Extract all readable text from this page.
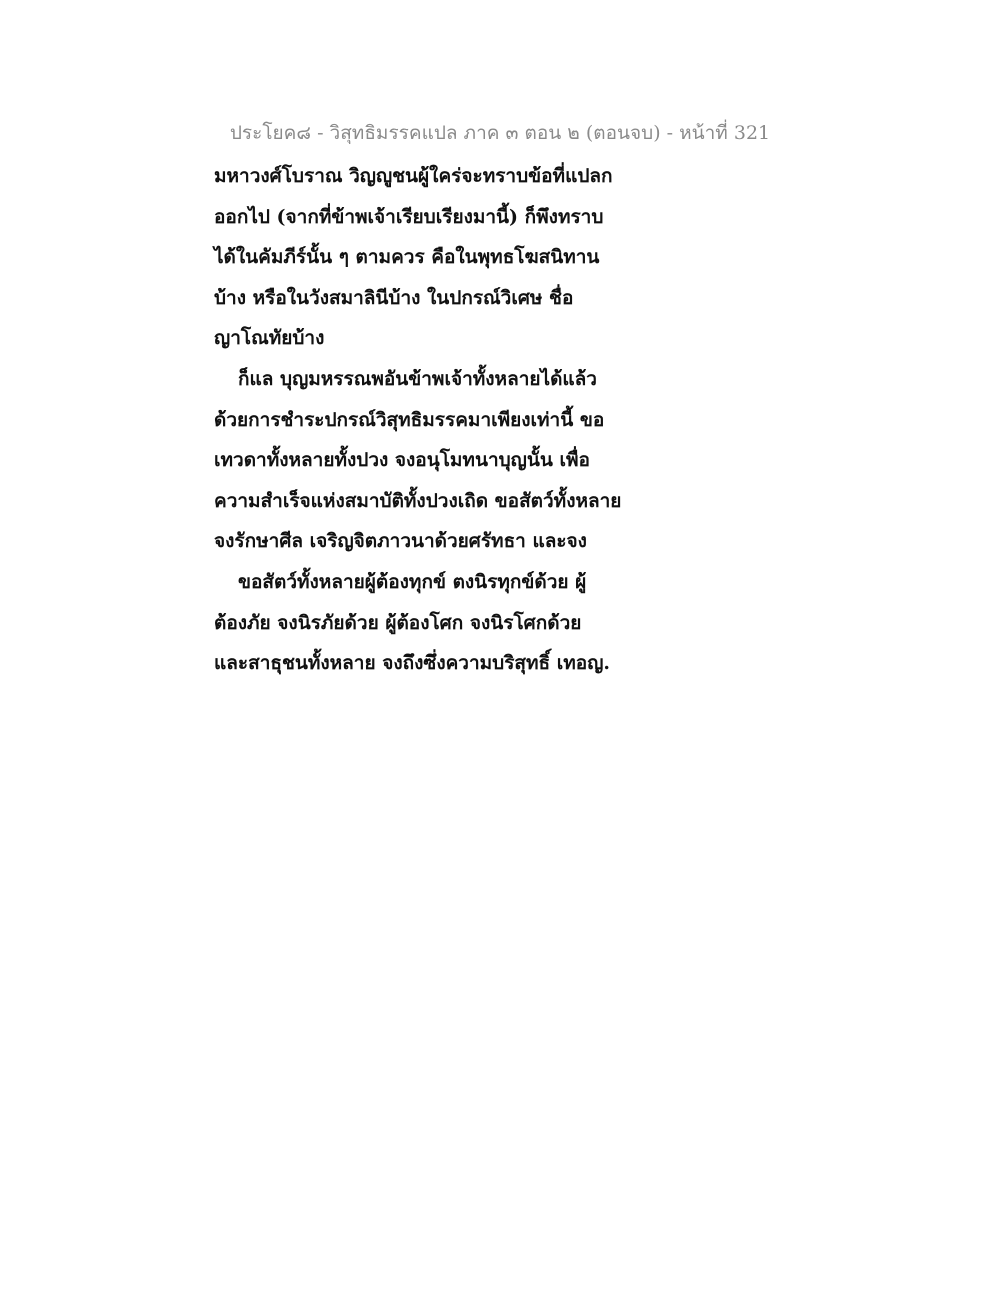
ประโยค๘ - วิสุทธิมรรคแปล ภาค ๓ ตอน ๒ (ตอนจบ) - หน้าที่ 321
มหาวงศ์โบราณ วิญญูชนผู้ใคร่จะทราบข้อที่แปลก
ออกไป (จากที่ข้าพเจ้าเรียบเรียงมานี้) ก็พึงทราบ
ได้ในคัมภีร์นั้น ๆ ตามควร คือในพุทธโฆสนิทาน
บ้าง หรือในวังสมาลินีบ้าง ในปกรณ์วิเศษ ชื่อ
ญาโณทัยบ้าง
ก็แล บุญมหรรณพอันข้าพเจ้าทั้งหลายได้แล้ว
ด้วยการชำระปกรณ์วิสุทธิมรรคมาเพียงเท่านี้ ขอ
เทวดาทั้งหลายทั้งปวง จงอนุโมทนาบุญนั้น เพื่อ
ความสำเร็จแห่งสมาบัติทั้งปวงเถิด ขอสัตว์ทั้งหลาย
จงรักษาศีล เจริญจิตภาวนาด้วยศรัทธา และจง
ขอสัตว์ทั้งหลายผู้ต้องทุกข์ ตงนิรทุกข์ด้วย ผู้
ต้องภัย จงนิรภัยด้วย ผู้ต้องโศก จงนิรโศกด้วย
และสาธุชนทั้งหลาย จงถึงซึ่งความบริสุทธิ์ เทอญ.
